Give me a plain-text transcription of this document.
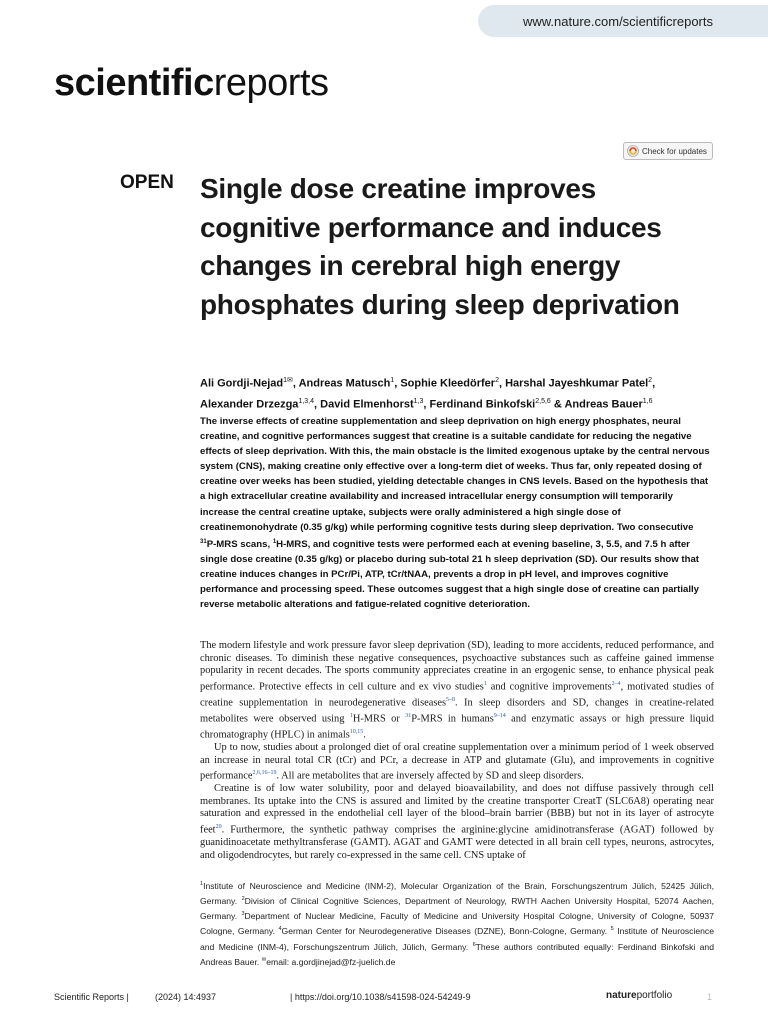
www.nature.com/scientificreports
scientificreports
Check for updates
OPEN Single dose creatine improves cognitive performance and induces changes in cerebral high energy phosphates during sleep deprivation
Ali Gordji-Nejad$^{1✉}$, Andreas Matusch$^1$, Sophie Kleedörfer$^2$, Harshal Jayeshkumar Patel$^2$, Alexander Drzezga$^{1,3,4}$, David Elmenhorst$^{1,3}$, Ferdinand Binkofski$^{2,5,6}$ & Andreas Bauer$^{1,6}$

The inverse effects of creatine supplementation and sleep deprivation on high energy phosphates, neural creatine, and cognitive performances suggest that creatine is a suitable candidate for reducing the negative effects of sleep deprivation. With this, the main obstacle is the limited exogenous uptake by the central nervous system (CNS), making creatine only effective over a long-term diet of weeks. Thus far, only repeated dosing of creatine over weeks has been studied, yielding detectable changes in CNS levels. Based on the hypothesis that a high extracellular creatine availability and increased intracellular energy consumption will temporarily increase the central creatine uptake, subjects were orally administered a high single dose of creatinemonohydrate (0.35 g/kg) while performing cognitive tests during sleep deprivation. Two consecutive $^{31}$P-MRS scans, $^1$H-MRS, and cognitive tests were performed each at evening baseline, 3, 5.5, and 7.5 h after single dose creatine (0.35 g/kg) or placebo during sub-total 21 h sleep deprivation (SD). Our results show that creatine induces changes in PCr/Pi, ATP, tCr/tNAA, prevents a drop in pH level, and improves cognitive performance and processing speed. These outcomes suggest that a high single dose of creatine can partially reverse metabolic alterations and fatigue-related cognitive deterioration.

The modern lifestyle and work pressure favor sleep deprivation (SD), leading to more accidents, reduced performance, and chronic diseases. To diminish these negative consequences, psychoactive substances such as caffeine gained immense popularity in recent decades. The sports community appreciates creatine in an ergogenic sense, to enhance physical peak performance. Protective effects in cell culture and ex vivo studies$^1$ and cognitive improvements$^{2-4}$, motivated studies of creatine supplementation in neurodegenerative diseases$^{5-8}$. In sleep disorders and SD, changes in creatine-related metabolites were observed using $^1$H-MRS or $^{31}$P-MRS in humans$^{9-14}$ and enzymatic assays or high pressure liquid chromatography (HPLC) in animals$^{10,15}$.

Up to now, studies about a prolonged diet of oral creatine supplementation over a minimum period of 1 week observed an increase in neural total CR (tCr) and PCr, a decrease in ATP and glutamate (Glu), and improvements in cognitive performance$^{2,6,16-19}$. All are metabolites that are inversely affected by SD and sleep disorders.

Creatine is of low water solubility, poor and delayed bioavailability, and does not diffuse passively through cell membranes. Its uptake into the CNS is assured and limited by the creatine transporter CreatT (SLC6A8) operating near saturation and expressed in the endothelial cell layer of the blood–brain barrier (BBB) but not in its layer of astrocyte feet$^{20}$. Furthermore, the synthetic pathway comprises the arginine:glycine amidinotransferase (AGAT) followed by guanidinoacetate methyltransferase (GAMT). AGAT and GAMT were detected in all brain cell types, neurons, astrocytes, and oligodendrocytes, but rarely co-expressed in the same cell. CNS uptake of

$^1$Institute of Neuroscience and Medicine (INM-2), Molecular Organization of the Brain, Forschungszentrum Jülich, 52425 Jülich, Germany. $^2$Division of Clinical Cognitive Sciences, Department of Neurology, RWTH Aachen University Hospital, 52074 Aachen, Germany. $^3$Department of Nuclear Medicine, Faculty of Medicine and University Hospital Cologne, University of Cologne, 50937 Cologne, Germany. $^4$German Center for Neurodegenerative Diseases (DZNE), Bonn-Cologne, Germany. $^5$ Institute of Neuroscience and Medicine (INM-4), Forschungszentrum Jülich, Jülich, Germany. $^6$These authors contributed equally: Ferdinand Binkofski and Andreas Bauer. ✉email: a.gordjinejad@fz-juelich.de
Scientific Reports |	(2024) 14:4937	| https://doi.org/10.1038/s41598-024-54249-9	natureportfolio	1
